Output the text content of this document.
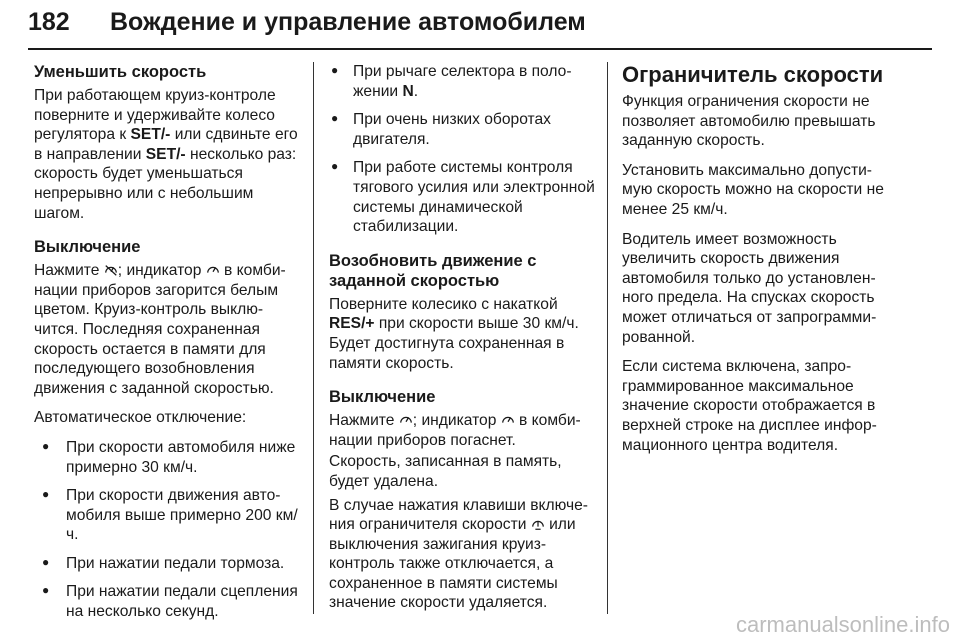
182 Вождение и управление автомобилем
Уменьшить скорость

При работающем круиз-контроле поверните и удерживайте колесо регулятора к SET/- или сдвиньте его в направлении SET/- несколько раз: скорость будет уменьшаться непрерывно или с небольшим шагом.

Выключение

Нажмите ; индикатор  в комбинации приборов загорится белым цветом. Круиз-контроль выключится. Последняя сохраненная скорость остается в памяти для последующего возобновления движения с заданной скоростью.

Автоматическое отключение:

● При скорости автомобиля ниже примерно 30 км/ч.
● При скорости движения автомобиля выше примерно 200 км/ч.
● При нажатии педали тормоза.
● При нажатии педали сцепления на несколько секунд.
● При рычаге селектора в положении N.
● При очень низких оборотах двигателя.
● При работе системы контроля тягового усилия или электронной системы динамической стабилизации.
Возобновить движение с заданной скоростью

Поверните колесико с накаткой RES/+ при скорости выше 30 км/ч. Будет достигнута сохраненная в памяти скорость.

Выключение

Нажмите ; индикатор  в комбинации приборов погаснет.

Скорость, записанная в память, будет удалена.

В случае нажатия клавиши включения ограничителя скорости  или выключения зажигания круиз-контроль также отключается, а сохраненное в памяти системы значение скорости удаляется.

Ограничитель скорости

Функция ограничения скорости не позволяет автомобилю превышать заданную скорость.

Установить максимально допустимую скорость можно на скорости не менее 25 км/ч.

Водитель имеет возможность увеличить скорость движения автомобиля только до установленного предела. На спусках скорость может отличаться от запрограммированной.

Если система включена, запрограммированное максимальное значение скорости отображается в верхней строке на дисплее информационного центра водителя.

carmanualsonline.info
